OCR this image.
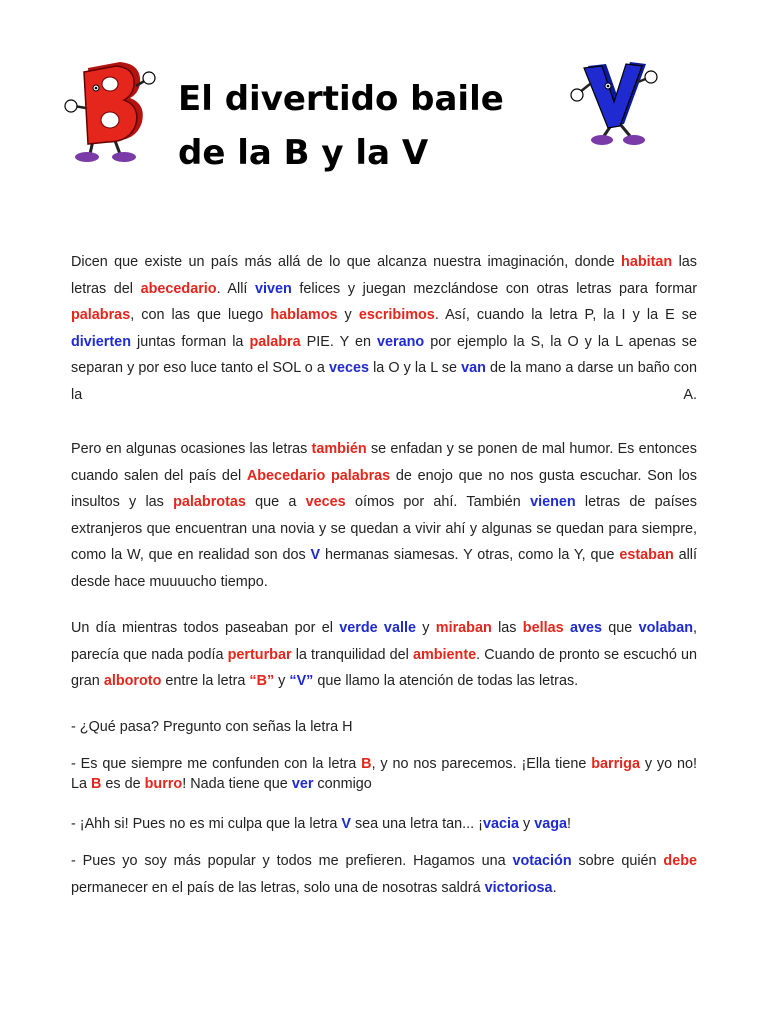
El divertido baile
de la B y la V

Dicen que existe un país más allá de lo que alcanza nuestra imaginación, donde habitan las letras del abecedario. Allí viven felices y juegan mezclándose con otras letras para formar palabras, con las que luego hablamos y escribimos. Así, cuando la letra P, la I y la E se divierten juntas forman la palabra PIE. Y en verano por ejemplo la S, la O y la L apenas se separan y por eso luce tanto el SOL o a veces la O y la L se van de la mano a darse un baño con la A.

Pero en algunas ocasiones las letras también se enfadan y se ponen de mal humor. Es entonces cuando salen del país del Abecedario palabras de enojo que no nos gusta escuchar. Son los insultos y las palabrotas que a veces oímos por ahí. También vienen letras de países extranjeros que encuentran una novia y se quedan a vivir ahí y algunas se quedan para siempre, como la W, que en realidad son dos V hermanas siamesas. Y otras, como la Y, que estaban allí desde hace muuuucho tiempo.

Un día mientras todos paseaban por el verde valle y miraban las bellas aves que volaban, parecía que nada podía perturbar la tranquilidad del ambiente. Cuando de pronto se escuchó un gran alboroto entre la letra “B” y “V” que llamo la atención de todas las letras.

- ¿Qué pasa? Pregunto con señas la letra H

- Es que siempre me confunden con la letra B, y no nos parecemos. ¡Ella tiene barriga y yo no! La B es de burro! Nada tiene que ver conmigo

- ¡Ahh si! Pues no es mi culpa que la letra V sea una letra tan... ¡vacia y vaga!

- Pues yo soy más popular y todos me prefieren. Hagamos una votación sobre quién debe permanecer en el país de las letras, solo una de nosotras saldrá victoriosa.
